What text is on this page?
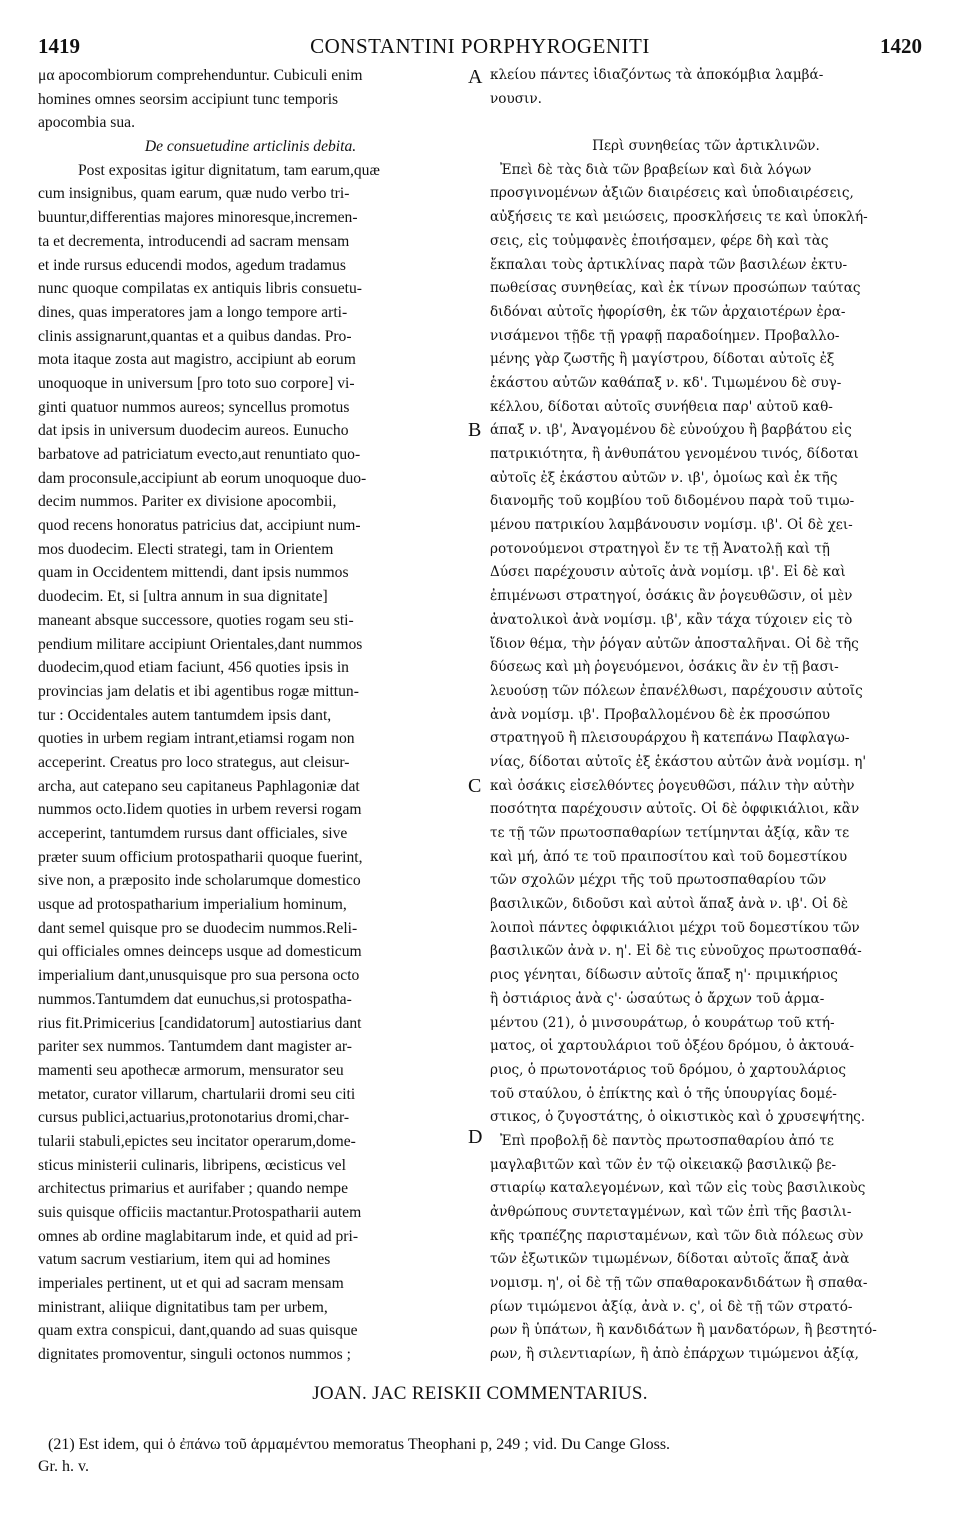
1419	CONSTANTINI PORPHYROGENITI	1420
μα apocombiorum comprehenduntur. Cubiculi enim
homines omnes seorsim accipiunt tunc temporis
apocombia sua.
De consuetudine articlinis debita.
Post expositas igitur dignitatum, tam earum,quæ
cum insignibus, quam earum, quæ nudo verbo tri-
buuntur,differentias majores minoresque,incremen-
ta et decrementa, introducendi ad sacram mensam
et inde rursus educendi modos, agedum tradamus
nunc quoque compilatas ex antiquis libris consuetu-
dines, quas imperatores jam a longo tempore arti-
clinis assignarunt,quantas et a quibus dandas. Pro-
mota itaque zosta aut magistro, accipiunt ab eorum
unoquoque in universum [pro toto suo corpore] vi-
ginti quatuor nummos aureos; syncellus promotus
dat ipsis in universum duodecim aureos. Eunucho
barbatove ad patriciatum evecto,aut renuntiato quo-
dam proconsule,accipiunt ab eorum unoquoque duo-
decim nummos. Pariter ex divisione apocombii,
quod recens honoratus patricius dat, accipiunt num-
mos duodecim. Electi strategi, tam in Orientem
quam in Occidentem mittendi, dant ipsis nummos
duodecim. Et, si [ultra annum in sua dignitate]
maneant absque successore, quoties rogam seu sti-
pendium militare accipiunt Orientales,dant nummos
duodecim,quod etiam faciunt, 456 quoties ipsis in
provincias jam delatis et ibi agentibus rogæ mittun-
tur : Occidentales autem tantumdem ipsis dant,
quoties in urbem regiam intrant,etiamsi rogam non
acceperint. Creatus pro loco strategus, aut cleisur-
archa, aut catepano seu capitaneus Paphlagoniæ dat
nummos octo.Iidem quoties in urbem reversi rogam
acceperint, tantumdem rursus dant officiales, sive
præter suum officium protospatharii quoque fuerint,
sive non, a præposito inde scholarumque domestico
usque ad protospatharium imperialium hominum,
dant semel quisque pro se duodecim nummos.Reli-
qui officiales omnes deinceps usque ad domesticum
imperialium dant,unusquisque pro sua persona octo
nummos.Tantumdem dat eunuchus,si protospatha-
rius fit.Primicerius [candidatorum] autostiarius dant
pariter sex nummos. Tantumdem dant magister ar-
mamenti seu apothecæ armorum, mensurator seu
metator, curator villarum, chartularii dromi seu citi
cursus publici,actuarius,protonotarius dromi,char-
tularii stabuli,epictes seu incitator operarum,dome-
sticus ministerii culinaris, libripens, œcisticus vel
architectus primarius et aurifaber ; quando nempe
suis quisque officiis mactantur.Protospatharii autem
omnes ab ordine maglabitarum inde, et quid ad pri-
vatum sacrum vestiarium, item qui ad homines
imperiales pertinent, ut et qui ad sacram mensam
ministrant, aliique dignitatibus tam per urbem,
quam extra conspicui, dant,quando ad suas quisque
dignitates promoventur, singuli octonos nummos ;
κλείου πάντες ἰδιαζόντως τὰ ἀποκόμβια λαμβά-
νουσιν.
Περὶ συνηθείας τῶν ἀρτικλινῶν.
Ἐπεὶ δὲ τὰς διὰ τῶν βραβείων καὶ διὰ λόγων
προσγινομένων ἀξιῶν διαιρέσεις καὶ ὑποδιαιρέσεις,
αὐξήσεις τε καὶ μειώσεις, προσκλήσεις τε καὶ ὑποκλή-
σεις, εἰς τοὐμφανὲς ἐποιήσαμεν, φέρε δὴ καὶ τὰς
ἔκπαλαι τοὺς ἀρτικλίνας παρὰ τῶν βασιλέων ἐκτυ-
πωθείσας συνηθείας, καὶ ἐκ τίνων προσώπων ταύτας
διδόναι αὐτοῖς ἠφορίσθη, ἐκ τῶν ἀρχαιοτέρων ἐρα-
νισάμενοι τῇδε τῇ γραφῇ παραδοίημεν. Προβαλλο-
μένης γὰρ ζωστῆς ἢ μαγίστρου, δίδοται αὐτοῖς ἐξ
ἑκάστου αὐτῶν καθάπαξ ν. κδ'. Τιμωμένου δὲ συγ-
κέλλου, δίδοται αὐτοῖς συνήθεια παρ' αὐτοῦ καθ-
άπαξ ν. ιβ', Ἀναγομένου δὲ εὐνούχου ἢ βαρβάτου εἰς
πατρικιότητα, ἢ ἀνθυπάτου γενομένου τινός, δίδοται
αὐτοῖς ἐξ ἑκάστου αὐτῶν ν. ιβ', ὁμοίως καὶ ἐκ τῆς
διανομῆς τοῦ κομβίου τοῦ διδομένου παρὰ τοῦ τιμω-
μένου πατρικίου λαμβάνουσιν νομίσμ. ιβ'. Οἱ δὲ χει-
ροτονούμενοι στρατηγοὶ ἔν τε τῇ Ἀνατολῇ καὶ τῇ
Δύσει παρέχουσιν αὐτοῖς ἀνὰ νομίσμ. ιβ'. Εἰ δὲ καὶ
ἐπιμένωσι στρατηγοί, ὁσάκις ἂν ῥογευθῶσιν, οἱ μὲν
ἀνατολικοὶ ἀνὰ νομίσμ. ιβ', κἂν τάχα τύχοιεν εἰς τὸ
ἴδιον θέμα, τὴν ῥόγαν αὐτῶν ἀποσταλῆναι. Οἱ δὲ τῆς
δύσεως καὶ μὴ ῥογευόμενοι, ὁσάκις ἂν ἐν τῇ βασι-
λευούσῃ τῶν πόλεων ἐπανέλθωσι, παρέχουσιν αὐτοῖς
ἀνὰ νομίσμ. ιβ'. Προβαλλομένου δὲ ἐκ προσώπου
στρατηγοῦ ἢ πλεισουράρχου ἢ κατεπάνω Παφλαγω-
νίας, δίδοται αὐτοῖς ἐξ ἑκάστου αὐτῶν ἀνὰ νομίσμ. η'
καὶ ὁσάκις εἰσελθόντες ῥογευθῶσι, πάλιν τὴν αὐτὴν
ποσότητα παρέχουσιν αὐτοῖς. Οἱ δὲ ὀφφικιάλιοι, κἂν
τε τῇ τῶν πρωτοσπαθαρίων τετίμηνται ἀξίᾳ, κἂν τε
καὶ μή, ἀπό τε τοῦ πραιποσίτου καὶ τοῦ δομεστίκου
τῶν σχολῶν μέχρι τῆς τοῦ πρωτοσπαθαρίου τῶν
βασιλικῶν, διδοῦσι καὶ αὐτοὶ ἅπαξ ἀνὰ ν. ιβ'. Οἱ δὲ
λοιποὶ πάντες ὀφφικιάλιοι μέχρι τοῦ δομεστίκου τῶν
βασιλικῶν ἀνὰ ν. η'. Εἰ δὲ τις εὐνοῦχος πρωτοσπαθά-
ριος γένηται, δίδωσιν αὐτοῖς ἅπαξ η'· πριμικήριος
ἢ ὀστιάριος ἀνὰ ς'· ὡσαύτως ὁ ἄρχων τοῦ ἁρμα-
μέντου (21), ὁ μινσουράτωρ, ὁ κουράτωρ τοῦ κτή-
ματος, οἱ χαρτουλάριοι τοῦ ὀξέου δρόμου, ὁ ἀκτουά-
ριος, ὁ πρωτονοτάριος τοῦ δρόμου, ὁ χαρτουλάριος
τοῦ σταύλου, ὁ ἐπίκτης καὶ ὁ τῆς ὑπουργίας δομέ-
στικος, ὁ ζυγοστάτης, ὁ οἰκιστικὸς καὶ ὁ χρυσεψήτης.
Ἐπὶ προβολῇ δὲ παντὸς πρωτοσπαθαρίου ἀπό τε
μαγλαβιτῶν καὶ τῶν ἐν τῷ οἰκειακῷ βασιλικῷ βε-
στιαρίῳ καταλεγομένων, καὶ τῶν εἰς τοὺς βασιλικοὺς
ἀνθρώπους συντεταγμένων, καὶ τῶν ἐπὶ τῆς βασιλι-
κῆς τραπέζης παρισταμένων, καὶ τῶν διὰ πόλεως σὺν
τῶν ἐξωτικῶν τιμωμένων, δίδοται αὐτοῖς ἅπαξ ἀνὰ
νομισμ. η', οἱ δὲ τῇ τῶν σπαθαροκανδιδάτων ἢ σπαθα-
ρίων τιμώμενοι ἀξίᾳ, ἀνὰ ν. ς', οἱ δὲ τῇ τῶν στρατό-
ρων ἢ ὑπάτων, ἢ κανδιδάτων ἢ μανδατόρων, ἢ βεστητό-
ρων, ἢ σιλεντιαρίων, ἢ ἀπὸ ἐπάρχων τιμώμενοι ἀξίᾳ,
A
B
C
D
JOAN. JAC REISKII COMMENTARIUS.
(21) Est idem, qui ὁ ἐπάνω τοῦ ἁρμαμέντου memoratus Theophani p, 249 ; vid. Du Cange Gloss.
Gr. h. v.
